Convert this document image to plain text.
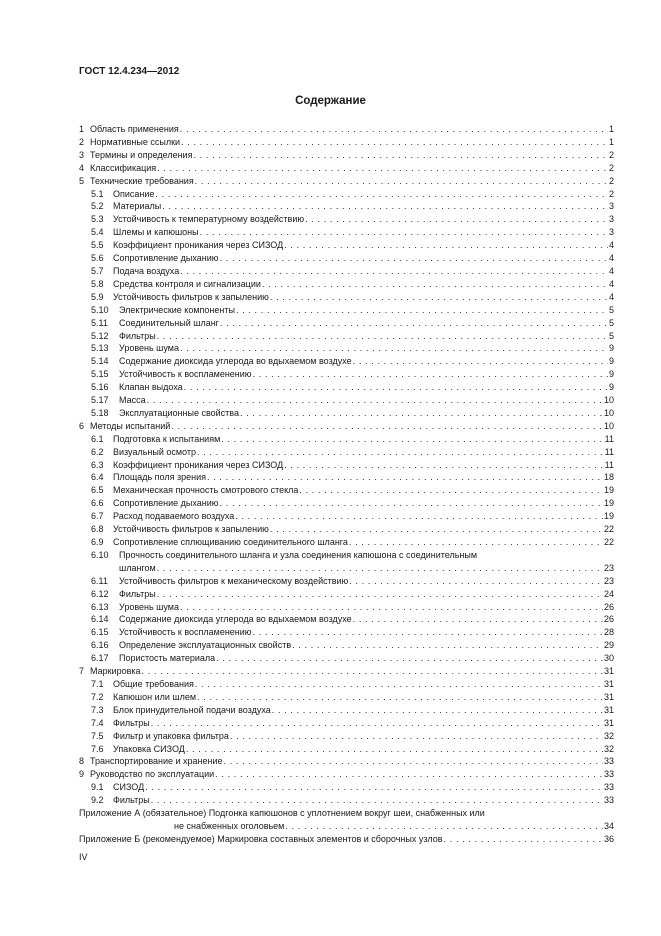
ГОСТ 12.4.234—2012
Содержание
1 Область применения . . .	1
2 Нормативные ссылки . . .	1
3 Термины и определения . . .	2
4 Классификация . . .	2
5 Технические требования . . .	2
5.1	Описание . . .	2
5.2	Материалы . . .	3
5.3	Устойчивость к температурному воздействию . . .	3
5.4	Шлемы и капюшоны . . .	3
5.5	Коэффициент проникания через СИЗОД . . .	4
5.6	Сопротивление дыханию . . .	4
5.7	Подача воздуха . . .	4
5.8	Средства контроля и сигнализации . . .	4
5.9	Устойчивость фильтров к запылению . . .	4
5.10	Электрические компоненты . . .	5
5.11	Соединительный шланг . . .	5
5.12	Фильтры . . .	5
5.13	Уровень шума . . .	9
5.14	Содержание диоксида углерода во вдыхаемом воздухе . . .	9
5.15	Устойчивость к воспламенению . . .	9
5.16	Клапан выдоха . . .	9
5.17	Масса . . .	10
5.18	Эксплуатационные свойства . . .	10
6 Методы испытаний . . .	10
6.1	Подготовка к испытаниям . . .	11
6.2	Визуальный осмотр . . .	11
6.3	Коэффициент проникания через СИЗОД . . .	11
6.4	Площадь поля зрения . . .	18
6.5	Механическая прочность смотрового стекла . . .	19
6.6	Сопротивление дыханию . . .	19
6.7	Расход подаваемого воздуха . . .	19
6.8	Устойчивость фильтров к запылению . . .	22
6.9	Сопротивление сплющиванию соединительного шланга . . .	22
6.10 Прочность соединительного шланга и узла соединения капюшона с соединительным
шлангом . . .	23
6.11	Устойчивость фильтров к механическому воздействию . . .	23
6.12	Фильтры . . .	24
6.13	Уровень шума . . .	26
6.14	Содержание диоксида углерода во вдыхаемом воздухе . . .	26
6.15	Устойчивость к воспламенению . . .	28
6.16	Определение эксплуатационных свойств . . .	29
6.17	Пористость материала . . .	30
7 Маркировка . . .	31
7.1	Общие требования . . .	31
7.2	Капюшон или шлем . . .	31
7.3	Блок принудительной подачи воздуха . . .	31
7.4	Фильтры . . .	31
7.5	Фильтр и упаковка фильтра . . .	32
7.6	Упаковка СИЗОД . . .	32
8 Транспортирование и хранение . . .	33
9 Руководство по эксплуатации . . .	33
9.1	СИЗОД . . .	33
9.2	Фильтры . . .	33
Приложение А (обязательное) Подгонка капюшонов с уплотнением вокруг шеи, снабженных или
не снабженных оголовьем . . .	34
Приложение Б (рекомендуемое) Маркировка составных элементов и сборочных узлов . . .	36
IV
